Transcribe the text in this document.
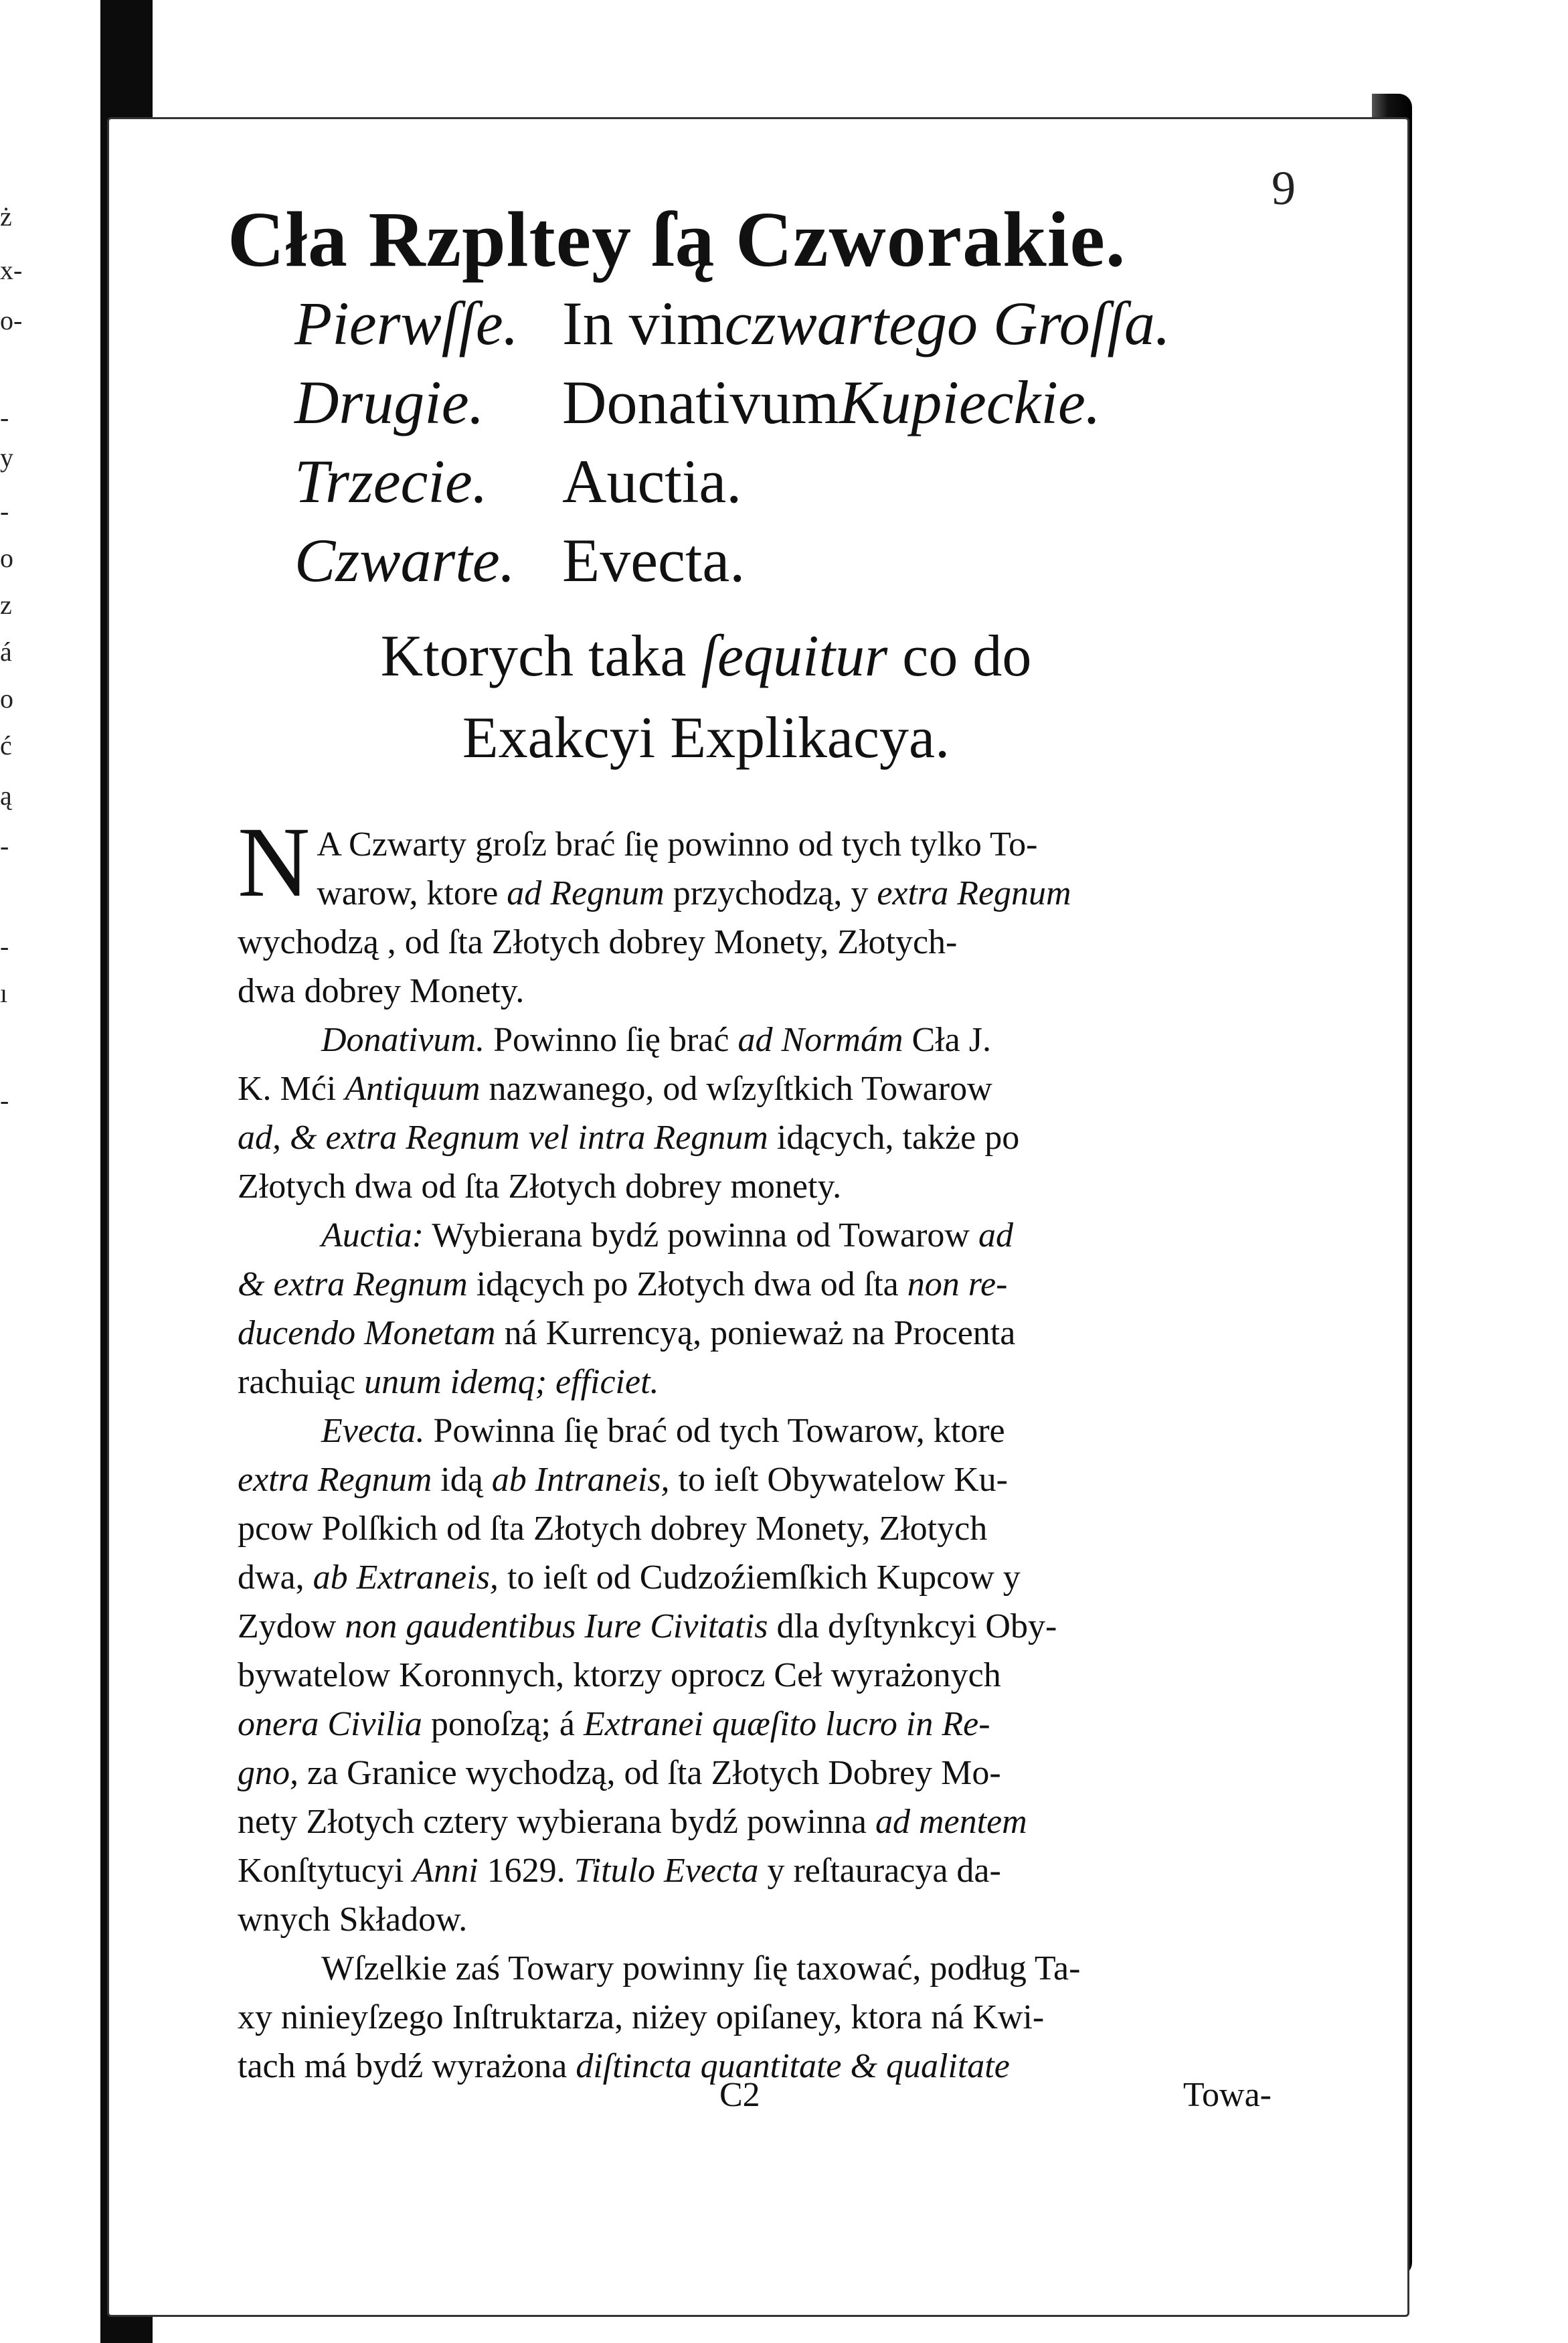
ż
x-
o-
-
y
-
o
z
á
o
ć
ą
-
-
ı
-
9
Cła Rzpltey ſą Czworakie.
Pierwſſe. In vim czwartego Groſſa.
Drugie.	Donativum Kupieckie.
Trzecie.	Auctia.
Czwarte. Evecta.
Ktorych taka ſequitur co do
Exakcyi Explikacya.
N A Czwarty groſz brać ſię powinno od tych tylko To-
warow, ktore ad Regnum przychodzą, y extra Regnum
wychodzą , od ſta Złotych dobrey Monety, Złotych-
dwa dobrey Monety.
Donativum. Powinno ſię brać ad Normám Cła J.
K. Mći Antiquum nazwanego, od wſzyſtkich Towarow
ad, & extra Regnum vel intra Regnum idących, także po
Złotych dwa od ſta Złotych dobrey monety.
Auctia: Wybierana bydź powinna od Towarow ad
& extra Regnum idących po Złotych dwa od ſta non re-
ducendo Monetam ná Kurrencyą, ponieważ na Procenta
rachuiąc unum idemq; efficiet.
Evecta. Powinna ſię brać od tych Towarow, ktore
extra Regnum idą ab Intraneis, to ieſt Obywatelow Ku-
pcow Polſkich od ſta Złotych dobrey Monety, Złotych
dwa, ab Extraneis, to ieſt od Cudzoźiemſkich Kupcow y
Zydow non gaudentibus Iure Civitatis dla dyſtynkcyi Oby-
bywatelow Koronnych, ktorzy oprocz Ceł wyrażonych
onera Civilia ponoſzą; á Extranei quæſito lucro in Re-
gno, za Granice wychodzą, od ſta Złotych Dobrey Mo-
nety Złotych cztery wybierana bydź powinna ad mentem
Konſtytucyi Anni 1629. Titulo Evecta y reſtauracya da-
wnych Składow.
Wſzelkie zaś Towary powinny ſię taxować, podług Ta-
xy ninieyſzego Inſtruktarza, niżey opiſaney, ktora ná Kwi-
tach má bydź wyrażona diſtincta quantitate & qualitate
C2	Towa-
